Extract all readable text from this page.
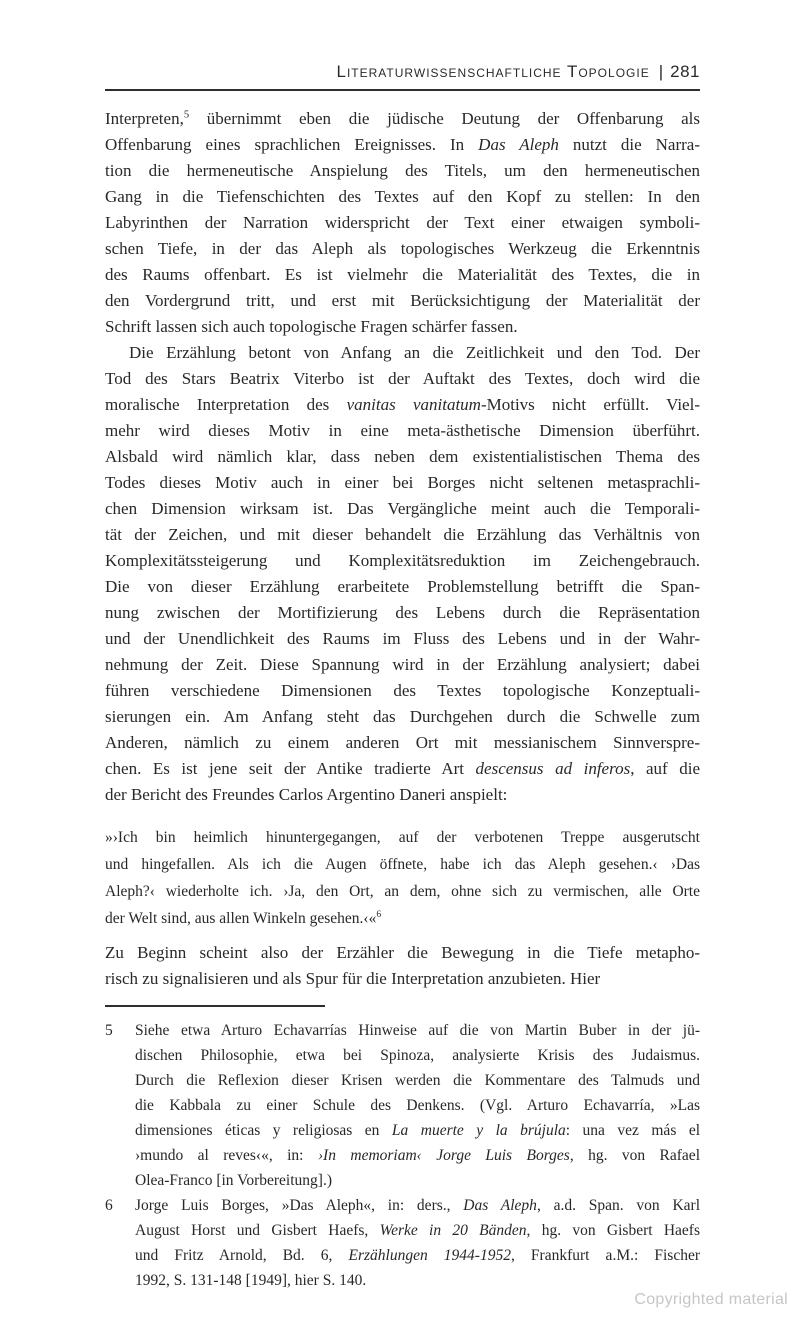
Literaturwissenschaftliche Topologie | 281
Interpreten,$^5$ übernimmt eben die jüdische Deutung der Offenbarung als
Offenbarung eines sprachlichen Ereignisses. In Das Aleph nutzt die Narra-
tion die hermeneutische Anspielung des Titels, um den hermeneutischen
Gang in die Tiefenschichten des Textes auf den Kopf zu stellen: In den
Labyrinthen der Narration widerspricht der Text einer etwaigen symboli-
schen Tiefe, in der das Aleph als topologisches Werkzeug die Erkenntnis
des Raums offenbart. Es ist vielmehr die Materialität des Textes, die in
den Vordergrund tritt, und erst mit Berücksichtigung der Materialität der
Schrift lassen sich auch topologische Fragen schärfer fassen.
Die Erzählung betont von Anfang an die Zeitlichkeit und den Tod. Der
Tod des Stars Beatrix Viterbo ist der Auftakt des Textes, doch wird die
moralische Interpretation des vanitas vanitatum-Motivs nicht erfüllt. Viel-
mehr wird dieses Motiv in eine meta-ästhetische Dimension überführt.
Alsbald wird nämlich klar, dass neben dem existentialistischen Thema des
Todes dieses Motiv auch in einer bei Borges nicht seltenen metasprachli-
chen Dimension wirksam ist. Das Vergängliche meint auch die Temporali-
tät der Zeichen, und mit dieser behandelt die Erzählung das Verhältnis von
Komplexitätssteigerung und Komplexitätsreduktion im Zeichengebrauch.
Die von dieser Erzählung erarbeitete Problemstellung betrifft die Span-
nung zwischen der Mortifizierung des Lebens durch die Repräsentation
und der Unendlichkeit des Raums im Fluss des Lebens und in der Wahr-
nehmung der Zeit. Diese Spannung wird in der Erzählung analysiert; dabei
führen verschiedene Dimensionen des Textes topologische Konzeptuali-
sierungen ein. Am Anfang steht das Durchgehen durch die Schwelle zum
Anderen, nämlich zu einem anderen Ort mit messianischem Sinnverspre-
chen. Es ist jene seit der Antike tradierte Art descensus ad inferos, auf die
der Bericht des Freundes Carlos Argentino Daneri anspielt:
»›Ich bin heimlich hinuntergegangen, auf der verbotenen Treppe ausgerutscht
und hingefallen. Als ich die Augen öffnete, habe ich das Aleph gesehen.‹ ›Das
Aleph?‹ wiederholte ich. ›Ja, den Ort, an dem, ohne sich zu vermischen, alle Orte
der Welt sind, aus allen Winkeln gesehen.‹«$^6$
Zu Beginn scheint also der Erzähler die Bewegung in die Tiefe metapho-
risch zu signalisieren und als Spur für die Interpretation anzubieten. Hier
5	Siehe etwa Arturo Echavarrías Hinweise auf die von Martin Buber in der jü-
dischen Philosophie, etwa bei Spinoza, analysierte Krisis des Judaismus.
Durch die Reflexion dieser Krisen werden die Kommentare des Talmuds und
die Kabbala zu einer Schule des Denkens. (Vgl. Arturo Echavarría, »Las
dimensiones éticas y religiosas en La muerte y la brújula: una vez más el
›mundo al reves‹«, in: ›In memoriam‹ Jorge Luis Borges, hg. von Rafael
Olea-Franco [in Vorbereitung].)
6	Jorge Luis Borges, »Das Aleph«, in: ders., Das Aleph, a.d. Span. von Karl
August Horst und Gisbert Haefs, Werke in 20 Bänden, hg. von Gisbert Haefs
und Fritz Arnold, Bd. 6, Erzählungen 1944-1952, Frankfurt a.M.: Fischer
1992, S. 131-148 [1949], hier S. 140.
Copyrighted material
